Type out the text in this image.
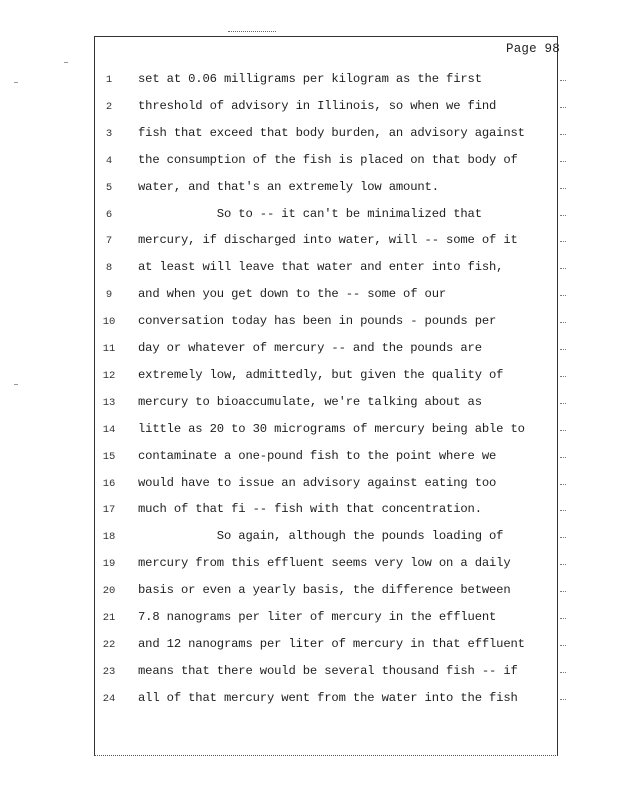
Page 98
1	set at 0.06 milligrams per kilogram as the first
2	threshold of advisory in Illinois, so when we find
3	fish that exceed that body burden, an advisory against
4	the consumption of the fish is placed on that body of
5	water, and that's an extremely low amount.
6	So to -- it can't be minimalized that
7	mercury, if discharged into water, will -- some of it
8	at least will leave that water and enter into fish,
9	and when you get down to the -- some of our
10	conversation today has been in pounds - pounds per
11	day or whatever of mercury -- and the pounds are
12	extremely low, admittedly, but given the quality of
13	mercury to bioaccumulate, we're talking about as
14	little as 20 to 30 micrograms of mercury being able to
15	contaminate a one-pound fish to the point where we
16	would have to issue an advisory against eating too
17	much of that fi -- fish with that concentration.
18	So again, although the pounds loading of
19	mercury from this effluent seems very low on a daily
20	basis or even a yearly basis, the difference between
21	7.8 nanograms per liter of mercury in the effluent
22	and 12 nanograms per liter of mercury in that effluent
23	means that there would be several thousand fish -- if
24	all of that mercury went from the water into the fish
